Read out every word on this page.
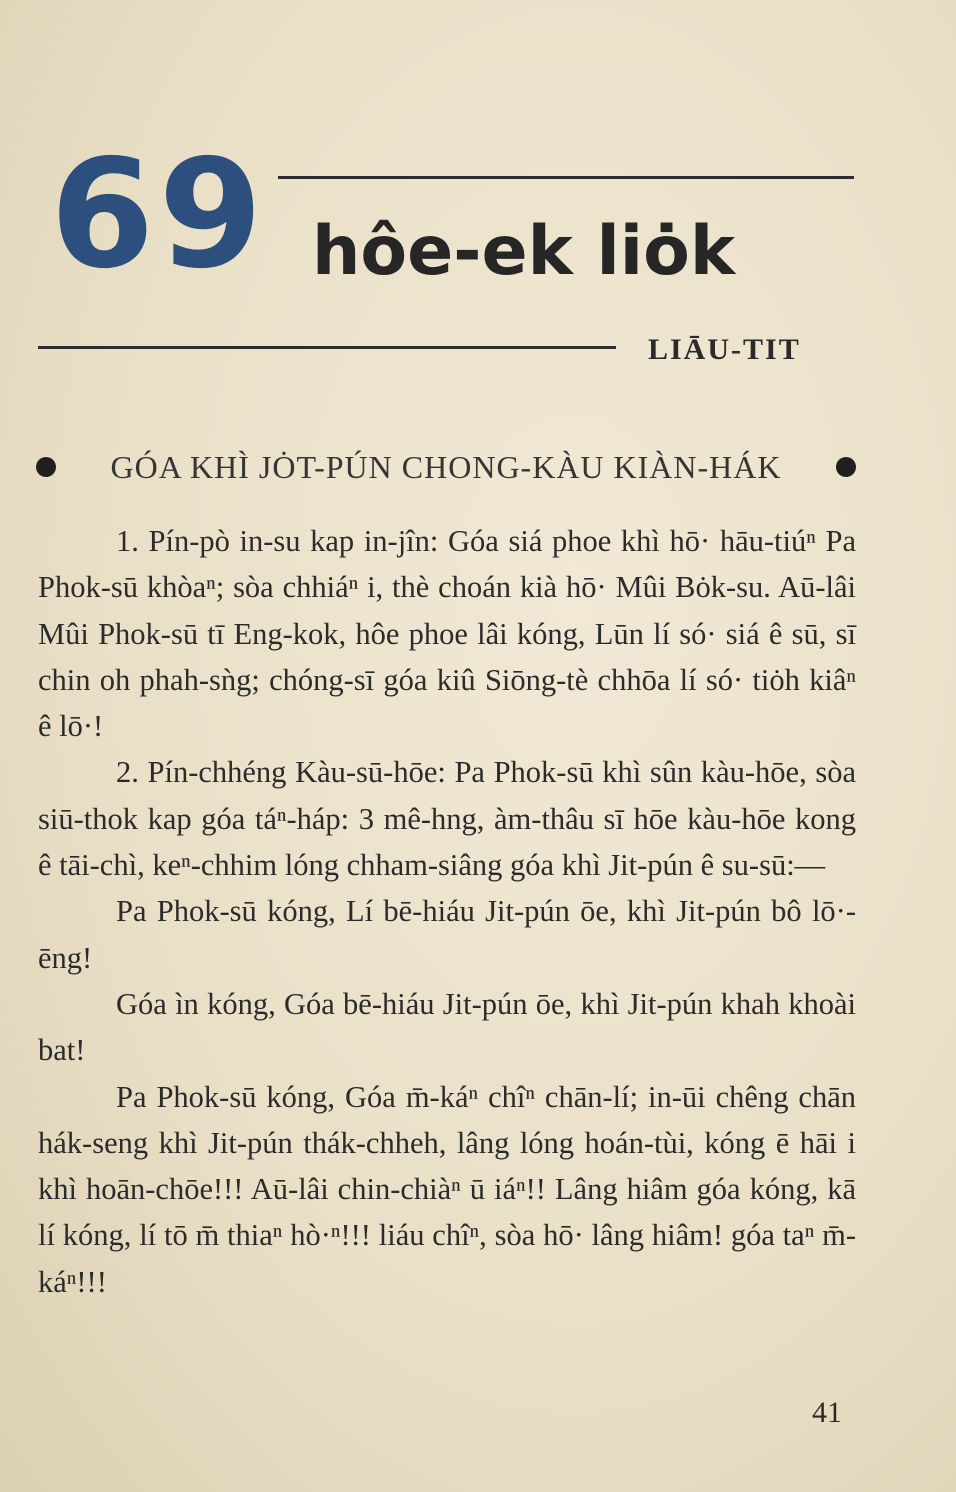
69 hôe-ek liȯk
LIĀU-TIT
GÓA KHÌ JȮT-PÚN CHONG-KÀU KIÀN-HÁK

1. Pín-pò in-su kap in-jîn: Góa siá phoe khì hō· hāu-tiúⁿ Pa Phok-sū khòaⁿ; sòa chhiáⁿ i, thè choán kià hō· Mûi Bȯk-su. Aū-lâi Mûi Phok-sū tī Eng-kok, hôe phoe lâi kóng, Lūn lí só· siá ê sū, sī chin oh phah-sǹg; chóng-sī góa kiû Siōng-tè chhōa lí só· tiȯh kiâⁿ ê lō·!

2. Pín-chhéng Kàu-sū-hōe: Pa Phok-sū khì sûn kàu-hōe, sòa siū-thok kap góa táⁿ-háp: 3 mê-hng, àm-thâu sī hōe kàu-hōe kong ê tāi-chì, keⁿ-chhim lóng chham-siâng góa khì Jit-pún ê su-sū:—

Pa Phok-sū kóng, Lí bē-hiáu Jit-pún ōe, khì Jit-pún bô lō·-ēng!

Góa ìn kóng, Góa bē-hiáu Jit-pún ōe, khì Jit-pún khah khoài bat!

Pa Phok-sū kóng, Góa m̄-káⁿ chîⁿ chān-lí; in-ūi chêng chān hák-seng khì Jit-pún thák-chheh, lâng lóng hoán-tùi, kóng ē hāi i khì hoān-chōe!!! Aū-lâi chin-chiàⁿ ū iáⁿ!! Lâng hiâm góa kóng, kā lí kóng, lí tō m̄ thiaⁿ hò·ⁿ!!! liáu chîⁿ, sòa hō· lâng hiâm! góa taⁿ m̄-káⁿ!!!

41
